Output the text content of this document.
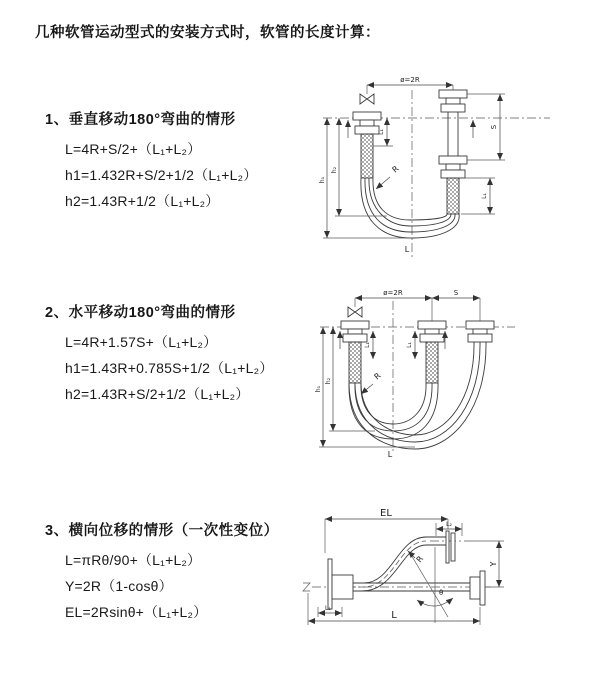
几种软管运动型式的安装方式时，软管的长度计算：
1、垂直移动180°弯曲的情形
L=4R+S/2+（L₁+L₂）
h1=1.432R+S/2+1/2（L₁+L₂）
h2=1.43R+1/2（L₁+L₂）
2、水平移动180°弯曲的情形
L=4R+1.57S+（L₁+L₂）
h1=1.43R+0.785S+1/2（L₁+L₂）
h2=1.43R+S/2+1/2（L₁+L₂）
3、横向位移的情形（一次性变位）
L=πRθ/90+（L₁+L₂）
Y=2R（1-cosθ）
EL=2Rsinθ+（L₁+L₂）
ø=2R
S
L₁
L₁
h₁
h₂	R
L
ø=2R	S
L₁	L₁
h₁
h₂	R
L
EL
L₂
Y
θ
R
L
L₁
